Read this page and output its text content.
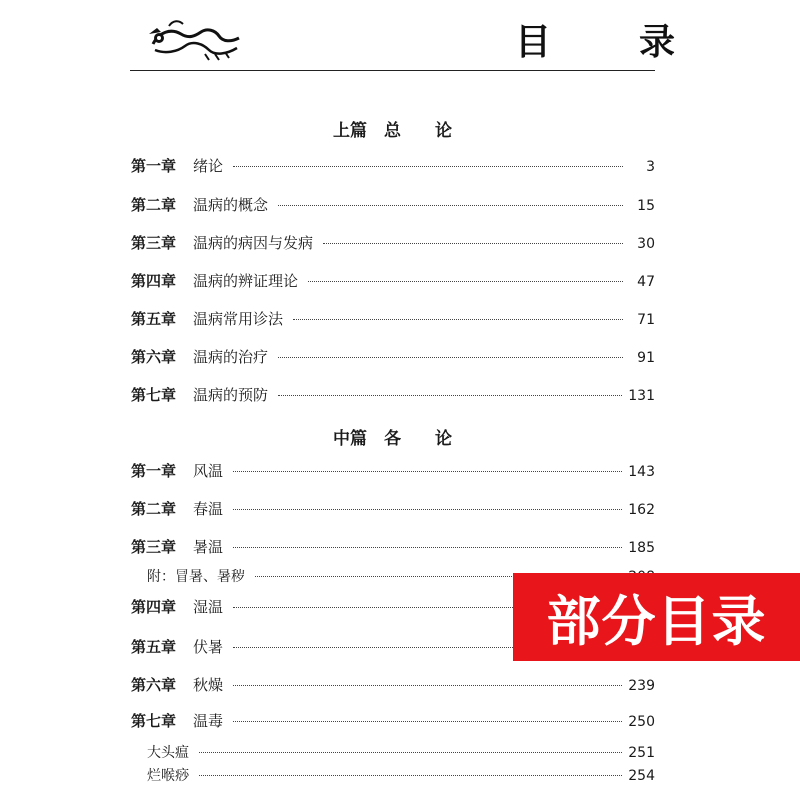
目　录
上篇　总　　论
第一章	绪论	3
第二章	温病的概念	15
第三章	温病的病因与发病	30
第四章	温病的辨证理论	47
第五章	温病常用诊法	71
第六章	温病的治疗	91
第七章	温病的预防	131
中篇　各　　论
第一章	风温	143
第二章	春温	162
第三章	暑温	185
附：冒暑、暑秽
第四章	湿温
第五章	伏暑
第六章	秋燥	239
第七章	温毒	250
大头瘟	251
烂喉痧	254
部分目录
